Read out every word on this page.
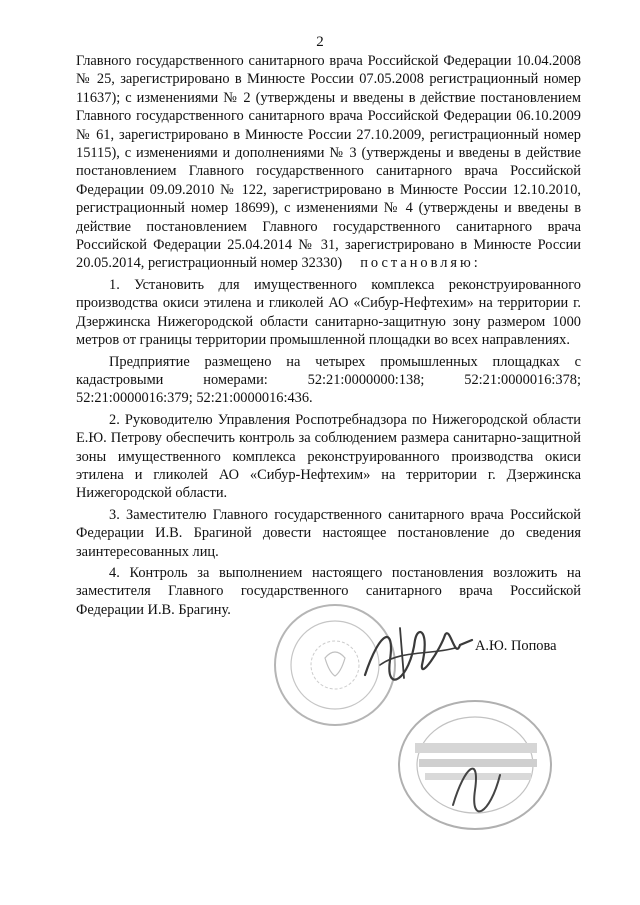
2

Главного государственного санитарного врача Российской Федерации 10.04.2008 № 25, зарегистрировано в Минюсте России 07.05.2008 регистрационный номер 11637); с изменениями № 2 (утверждены и введены в действие постановлением Главного государственного санитарного врача Российской Федерации 06.10.2009 № 61, зарегистрировано в Минюсте России 27.10.2009, регистрационный номер 15115), с изменениями и дополнениями № 3 (утверждены и введены в действие постановлением Главного государственного санитарного врача Российской Федерации 09.09.2010 № 122, зарегистрировано в Минюсте России 12.10.2010, регистрационный номер 18699), с изменениями № 4 (утверждены и введены в действие постановлением Главного государственного санитарного врача Российской Федерации 25.04.2014 № 31, зарегистрировано в Минюсте России 20.05.2014, регистрационный номер 32330) постановляю:

1. Установить для имущественного комплекса реконструированного производства окиси этилена и гликолей АО «Сибур-Нефтехим» на территории г. Дзержинска Нижегородской области санитарно-защитную зону размером 1000 метров от границы территории промышленной площадки во всех направлениях.

Предприятие размещено на четырех промышленных площадках с кадастровыми номерами: 52:21:0000000:138; 52:21:0000016:378; 52:21:0000016:379; 52:21:0000016:436.

2. Руководителю Управления Роспотребнадзора по Нижегородской области Е.Ю. Петрову обеспечить контроль за соблюдением размера санитарно-защитной зоны имущественного комплекса реконструированного производства окиси этилена и гликолей АО «Сибур-Нефтехим» на территории г. Дзержинска Нижегородской области.

3. Заместителю Главного государственного санитарного врача Российской Федерации И.В. Брагиной довести настоящее постановление до сведения заинтересованных лиц.

4. Контроль за выполнением настоящего постановления возложить на заместителя Главного государственного санитарного врача Российской Федерации И.В. Брагину.

А.Ю. Попова
